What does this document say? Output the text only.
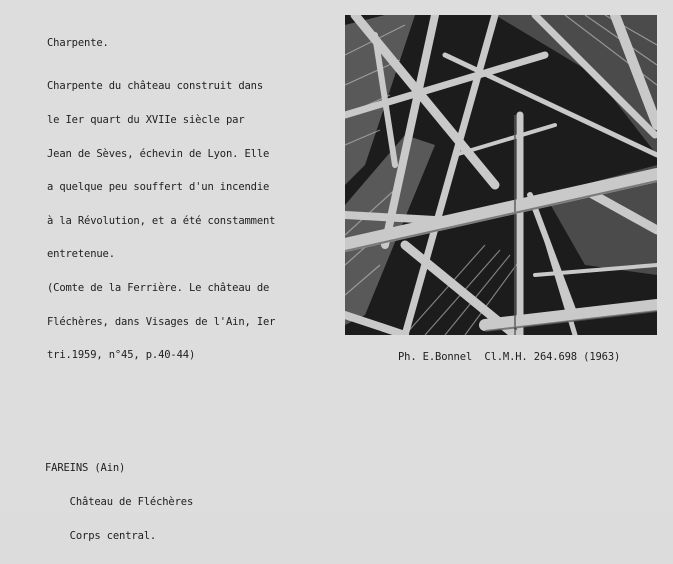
Charpente.

Charpente du château construit dans

le Ier quart du XVIIe siècle par

Jean de Sèves, échevin de Lyon. Elle

a quelque peu souffert d'un incendie

à la Révolution, et a été constamment

entretenue.

(Comte de la Ferrière. Le château de

Fléchères, dans Visages de l'Ain, Ier

tri.1959, n°45, p.40-44)

	Ph. E.Bonnel  Cl.M.H. 264.698 (1963)

FAREINS (Ain)

Château de Fléchères

Corps central.
